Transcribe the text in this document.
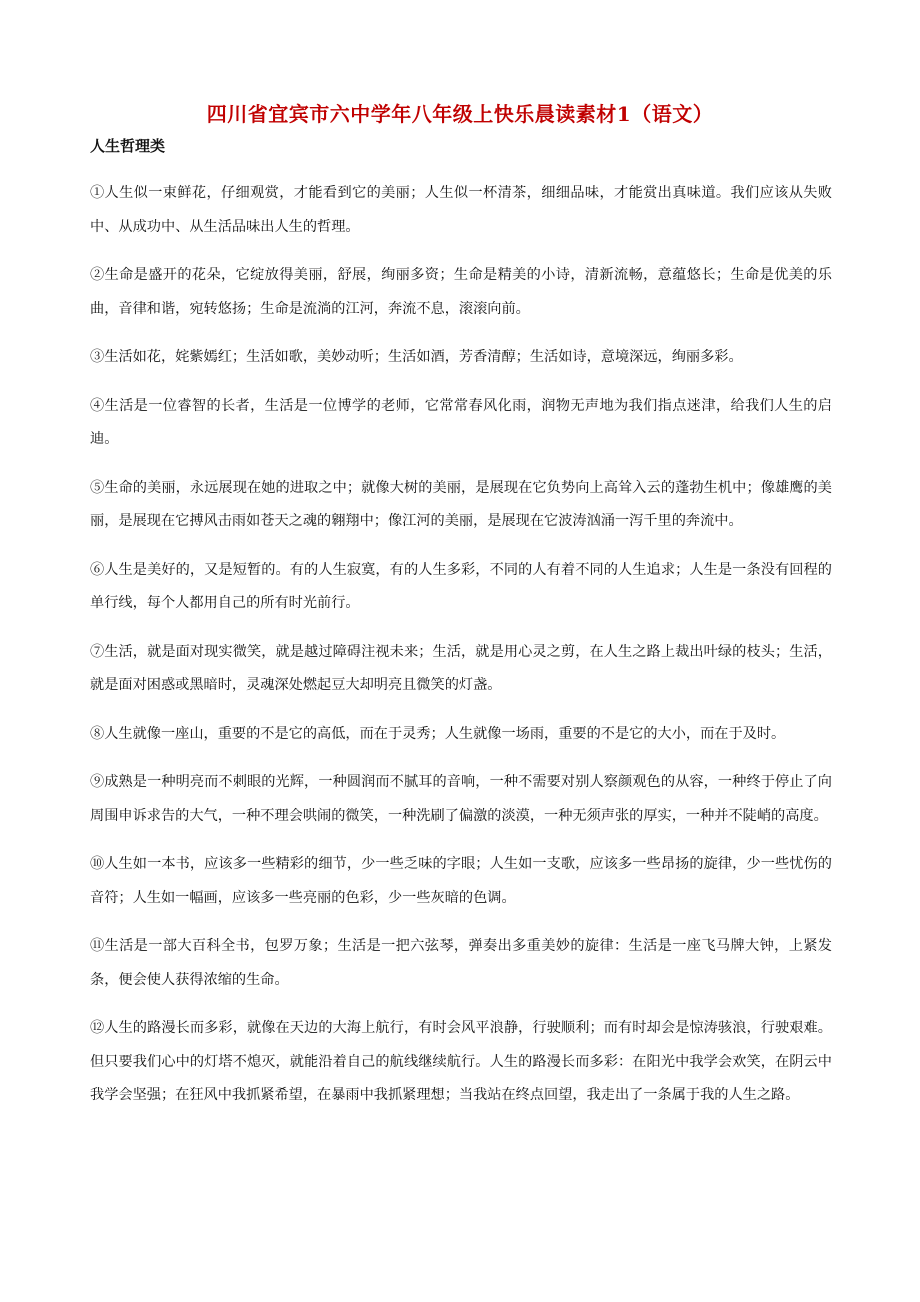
四川省宜宾市六中学年八年级上快乐晨读素材1（语文）
人生哲理类

①人生似一束鲜花，仔细观赏，才能看到它的美丽；人生似一杯清茶，细细品味，才能赏出真味道。我们应该从失败中、从成功中、从生活品味出人生的哲理。

②生命是盛开的花朵，它绽放得美丽，舒展，绚丽多资；生命是精美的小诗，清新流畅，意蕴悠长；生命是优美的乐曲，音律和谐，宛转悠扬；生命是流淌的江河，奔流不息，滚滚向前。

③生活如花，姹紫嫣红；生活如歌，美妙动听；生活如酒，芳香清醇；生活如诗，意境深远，绚丽多彩。

④生活是一位睿智的长者，生活是一位博学的老师，它常常春风化雨，润物无声地为我们指点迷津，给我们人生的启迪。

⑤生命的美丽，永远展现在她的进取之中；就像大树的美丽，是展现在它负势向上高耸入云的蓬勃生机中；像雄鹰的美丽，是展现在它搏风击雨如苍天之魂的翱翔中；像江河的美丽，是展现在它波涛汹涌一泻千里的奔流中。

⑥人生是美好的，又是短暂的。有的人生寂寞，有的人生多彩，不同的人有着不同的人生追求；人生是一条没有回程的单行线，每个人都用自己的所有时光前行。

⑦生活，就是面对现实微笑，就是越过障碍注视未来；生活，就是用心灵之剪，在人生之路上裁出叶绿的枝头；生活，就是面对困惑或黑暗时，灵魂深处燃起豆大却明亮且微笑的灯盏。

⑧人生就像一座山，重要的不是它的高低，而在于灵秀；人生就像一场雨，重要的不是它的大小，而在于及时。

⑨成熟是一种明亮而不刺眼的光辉，一种圆润而不腻耳的音响，一种不需要对别人察颜观色的从容，一种终于停止了向周围申诉求告的大气，一种不理会哄闹的微笑，一种洗刷了偏激的淡漠，一种无须声张的厚实，一种并不陡峭的高度。

⑩人生如一本书，应该多一些精彩的细节，少一些乏味的字眼；人生如一支歌，应该多一些昂扬的旋律，少一些忧伤的音符；人生如一幅画，应该多一些亮丽的色彩，少一些灰暗的色调。

⑪生活是一部大百科全书，包罗万象；生活是一把六弦琴，弹奏出多重美妙的旋律：生活是一座飞马牌大钟，上紧发条，便会使人获得浓缩的生命。

⑫人生的路漫长而多彩，就像在天边的大海上航行，有时会风平浪静，行驶顺利；而有时却会是惊涛骇浪，行驶艰难。但只要我们心中的灯塔不熄灭，就能沿着自己的航线继续航行。人生的路漫长而多彩：在阳光中我学会欢笑，在阴云中我学会坚强；在狂风中我抓紧希望，在暴雨中我抓紧理想；当我站在终点回望，我走出了一条属于我的人生之路。
